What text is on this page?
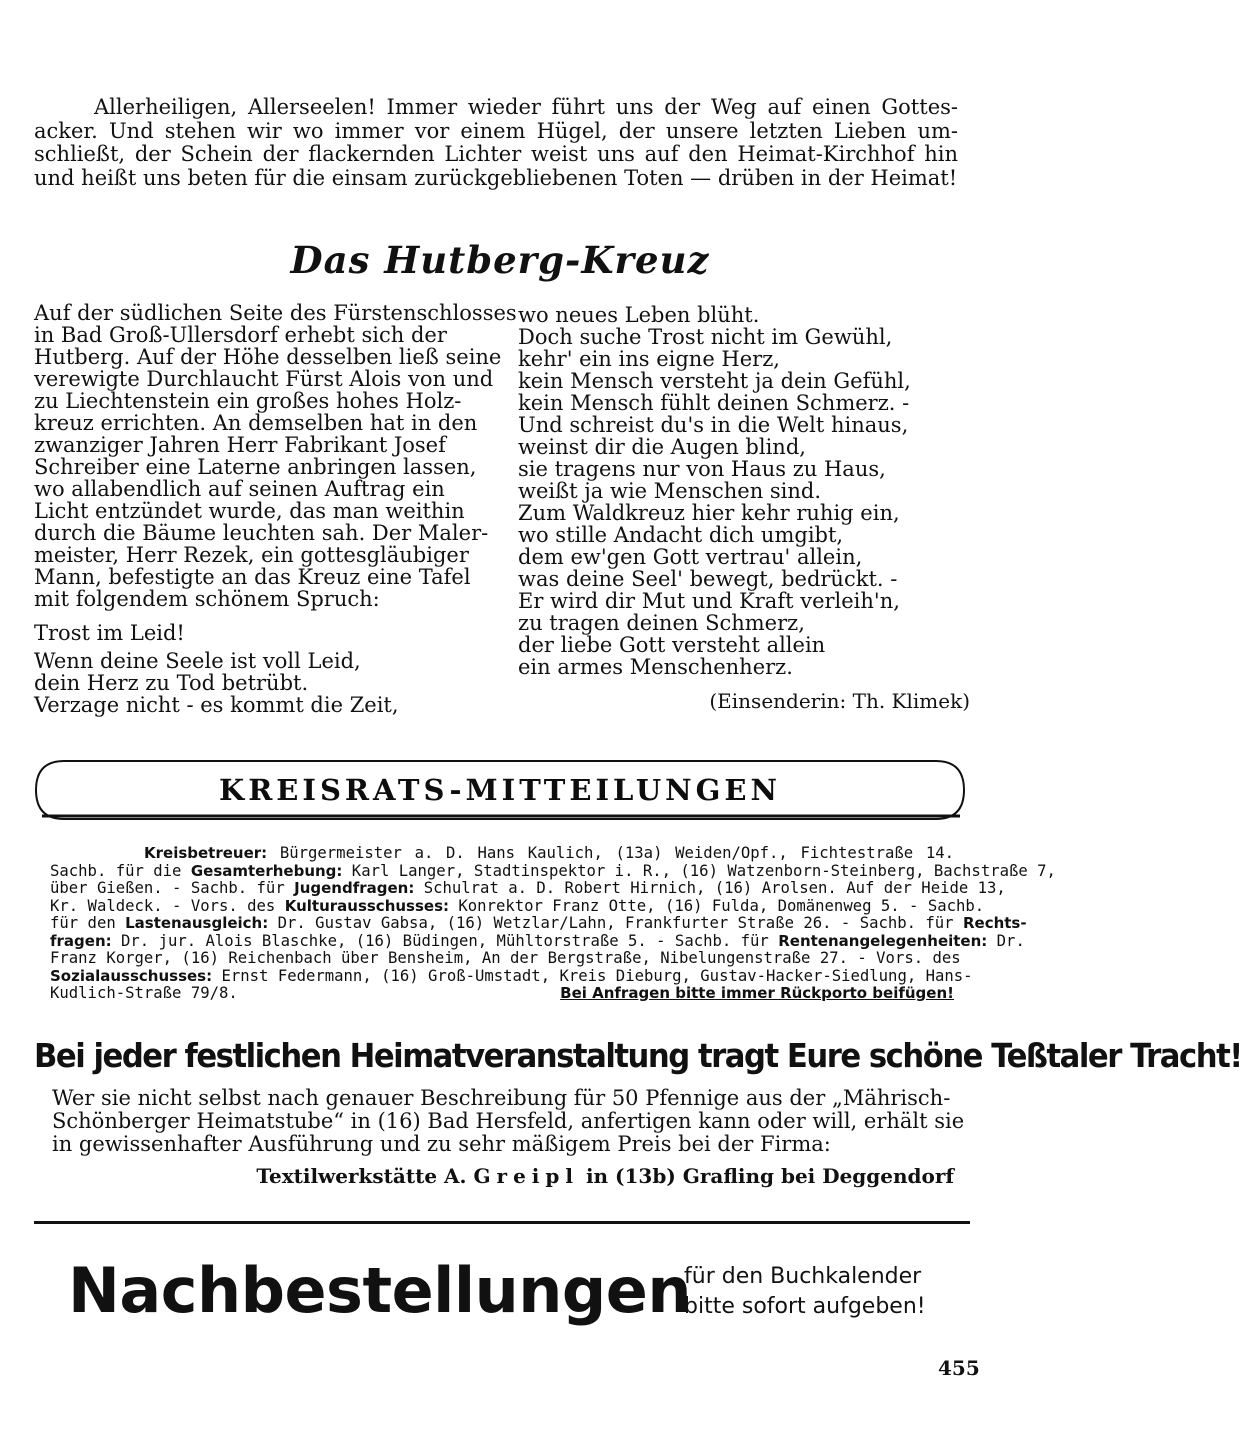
Allerheiligen, Allerseelen! Immer wieder führt uns der Weg auf einen Gottes- acker. Und stehen wir wo immer vor einem Hügel, der unsere letzten Lieben um- schließt, der Schein der flackernden Lichter weist uns auf den Heimat-Kirchhof hin und heißt uns beten für die einsam zurückgebliebenen Toten — drüben in der Heimat!
Das Hutberg-Kreuz

Auf der südlichen Seite des Fürstenschlosses
in Bad Groß-Ullersdorf erhebt sich der
Hutberg. Auf der Höhe desselben ließ seine
verewigte Durchlaucht Fürst Alois von und
zu Liechtenstein ein großes hohes Holz-
kreuz errichten. An demselben hat in den
zwanziger Jahren Herr Fabrikant Josef
Schreiber eine Laterne anbringen lassen,
wo allabendlich auf seinen Auftrag ein
Licht entzündet wurde, das man weithin
durch die Bäume leuchten sah. Der Maler-
meister, Herr Rezek, ein gottesgläubiger
Mann, befestigte an das Kreuz eine Tafel
mit folgendem schönem Spruch:

Trost im Leid!

Wenn deine Seele ist voll Leid,
dein Herz zu Tod betrübt.
Verzage nicht - es kommt die Zeit,

wo neues Leben blüht.
Doch suche Trost nicht im Gewühl,
kehr' ein ins eigne Herz,
kein Mensch versteht ja dein Gefühl,
kein Mensch fühlt deinen Schmerz. -
Und schreist du's in die Welt hinaus,
weinst dir die Augen blind,
sie tragens nur von Haus zu Haus,
weißt ja wie Menschen sind.
Zum Waldkreuz hier kehr ruhig ein,
wo stille Andacht dich umgibt,
dem ew'gen Gott vertrau' allein,
was deine Seel' bewegt, bedrückt. -
Er wird dir Mut und Kraft verleih'n,
zu tragen deinen Schmerz,
der liebe Gott versteht allein
ein armes Menschenherz.

(Einsenderin: Th. Klimek)
KREISRATS-MITTEILUNGEN
Kreisbetreuer: Bürgermeister a. D. Hans Kaulich, (13a) Weiden/Opf., Fichtestraße 14.
Sachb. für die Gesamterhebung: Karl Langer, Stadtinspektor i. R., (16) Watzenborn-Steinberg, Bachstraße 7,
über Gießen. - Sachb. für Jugendfragen: Schulrat a. D. Robert Hirnich, (16) Arolsen. Auf der Heide 13,
Kr. Waldeck. - Vors. des Kulturausschusses: Konrektor Franz Otte, (16) Fulda, Domänenweg 5. - Sachb.
für den Lastenausgleich: Dr. Gustav Gabsa, (16) Wetzlar/Lahn, Frankfurter Straße 26. - Sachb. für Rechts-
fragen: Dr. jur. Alois Blaschke, (16) Büdingen, Mühltorstraße 5. - Sachb. für Rentenangelegenheiten: Dr.
Franz Korger, (16) Reichenbach über Bensheim, An der Bergstraße, Nibelungenstraße 27. - Vors. des
Sozialausschusses: Ernst Federmann, (16) Groß-Umstadt, Kreis Dieburg, Gustav-Hacker-Siedlung, Hans-
Kudlich-Straße 79/8.	Bei Anfragen bitte immer Rückporto beifügen!
Bei jeder festlichen Heimatveranstaltung tragt Eure schöne Teßtaler Tracht!
Wer sie nicht selbst nach genauer Beschreibung für 50 Pfennige aus der „Mährisch-
Schönberger Heimatstube“ in (16) Bad Hersfeld, anfertigen kann oder will, erhält sie
in gewissenhafter Ausführung und zu sehr mäßigem Preis bei der Firma:
Textilwerkstätte A. Greipl in (13b) Grafling bei Deggendorf
Nachbestellungen
für den Buchkalender
bitte sofort aufgeben!
455
